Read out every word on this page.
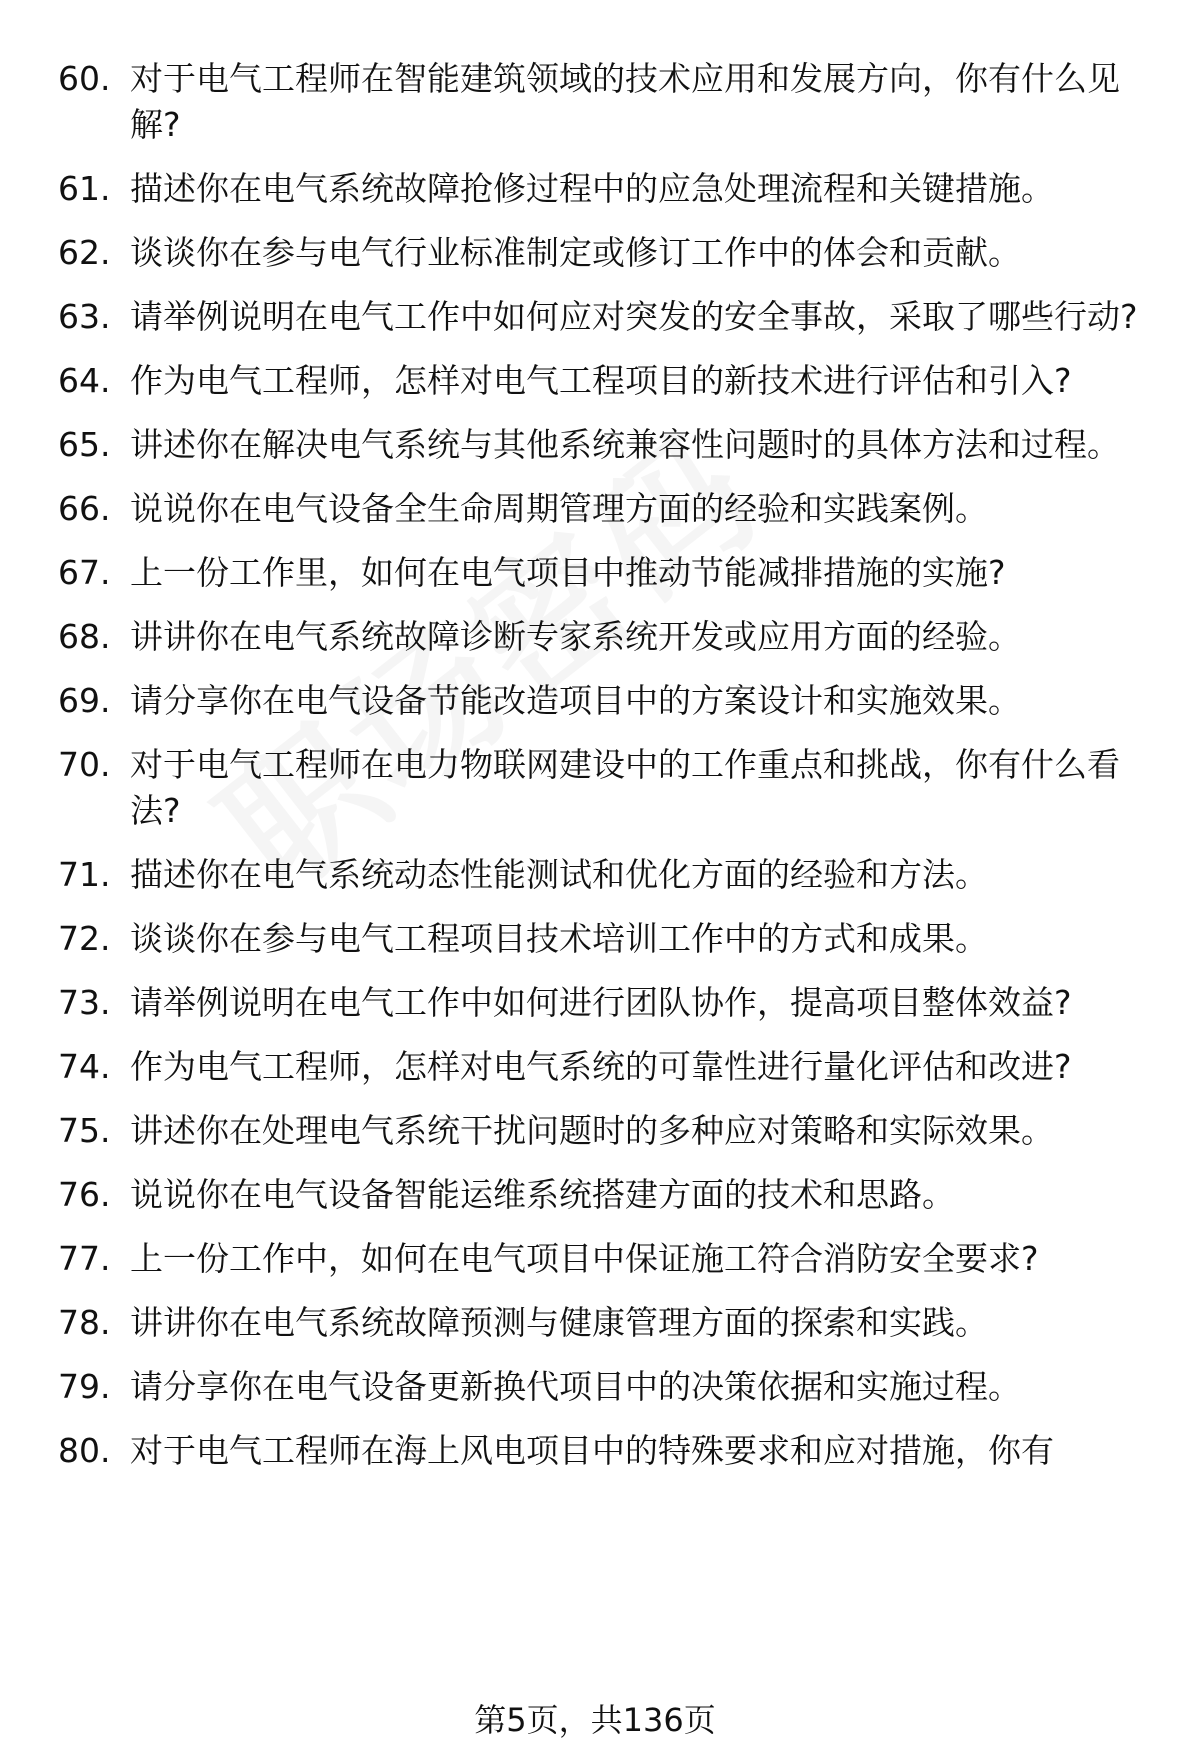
60. 对于电气工程师在智能建筑领域的技术应用和发展方向，你有什么见解?
61. 描述你在电气系统故障抢修过程中的应急处理流程和关键措施。
62. 谈谈你在参与电气行业标准制定或修订工作中的体会和贡献。
63. 请举例说明在电气工作中如何应对突发的安全事故，采取了哪些行动?
64. 作为电气工程师，怎样对电气工程项目的新技术进行评估和引入?
65. 讲述你在解决电气系统与其他系统兼容性问题时的具体方法和过程。
66. 说说你在电气设备全生命周期管理方面的经验和实践案例。
67. 上一份工作里，如何在电气项目中推动节能减排措施的实施?
68. 讲讲你在电气系统故障诊断专家系统开发或应用方面的经验。
69. 请分享你在电气设备节能改造项目中的方案设计和实施效果。
70. 对于电气工程师在电力物联网建设中的工作重点和挑战，你有什么看法?
71. 描述你在电气系统动态性能测试和优化方面的经验和方法。
72. 谈谈你在参与电气工程项目技术培训工作中的方式和成果。
73. 请举例说明在电气工作中如何进行团队协作，提高项目整体效益?
74. 作为电气工程师，怎样对电气系统的可靠性进行量化评估和改进?
75. 讲述你在处理电气系统干扰问题时的多种应对策略和实际效果。
76. 说说你在电气设备智能运维系统搭建方面的技术和思路。
77. 上一份工作中，如何在电气项目中保证施工符合消防安全要求?
78. 讲讲你在电气系统故障预测与健康管理方面的探索和实践。
79. 请分享你在电气设备更新换代项目中的决策依据和实施过程。
80. 对于电气工程师在海上风电项目中的特殊要求和应对措施，你有
第5页，共136页
